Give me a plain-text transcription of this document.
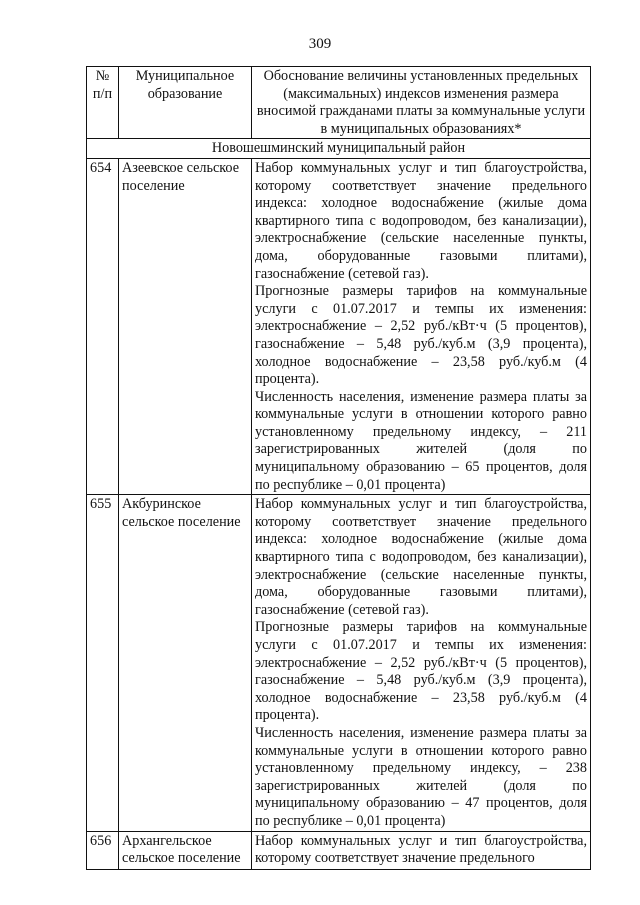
309
№ п/п	Муниципальное образование	Обоснование величины установленных предельных (максимальных) индексов изменения размера вносимой гражданами платы за коммунальные услуги в муниципальных образованиях*
Новошешминский муниципальный район		
654	Азеевское сельское поселение	Набор коммунальных услуг и тип благоустройства, которому соответствует значение предельного индекса: холодное водоснабжение (жилые дома квартирного типа с водопроводом, без канализации), электроснабжение (сельские населенные пункты, дома, оборудованные газовыми плитами), газоснабжение (сетевой газ).

Прогнозные размеры тарифов на коммунальные услуги с 01.07.2017 и темпы их изменения: электроснабжение – 2,52 руб./кВт·ч (5 процентов), газоснабжение – 5,48 руб./куб.м (3,9 процента), холодное водоснабжение – 23,58 руб./куб.м (4 процента).

Численность населения, изменение размера платы за коммунальные услуги в отношении которого равно установленному предельному индексу, – 211 зарегистрированных жителей (доля по муниципальному образованию – 65 процентов, доля по республике – 0,01 процента)

655	Акбуринское сельское поселение	Набор коммунальных услуг и тип благоустройства, которому соответствует значение предельного индекса: холодное водоснабжение (жилые дома квартирного типа с водопроводом, без канализации), электроснабжение (сельские населенные пункты, дома, оборудованные газовыми плитами), газоснабжение (сетевой газ).

Прогнозные размеры тарифов на коммунальные услуги с 01.07.2017 и темпы их изменения: электроснабжение – 2,52 руб./кВт·ч (5 процентов), газоснабжение – 5,48 руб./куб.м (3,9 процента), холодное водоснабжение – 23,58 руб./куб.м (4 процента).

Численность населения, изменение размера платы за коммунальные услуги в отношении которого равно установленному предельному индексу, – 238 зарегистрированных жителей (доля по муниципальному образованию – 47 процентов, доля по республике – 0,01 процента)

656	Архангельское сельское поселение	Набор коммунальных услуг и тип благоустройства, которому соответствует значение предельного
